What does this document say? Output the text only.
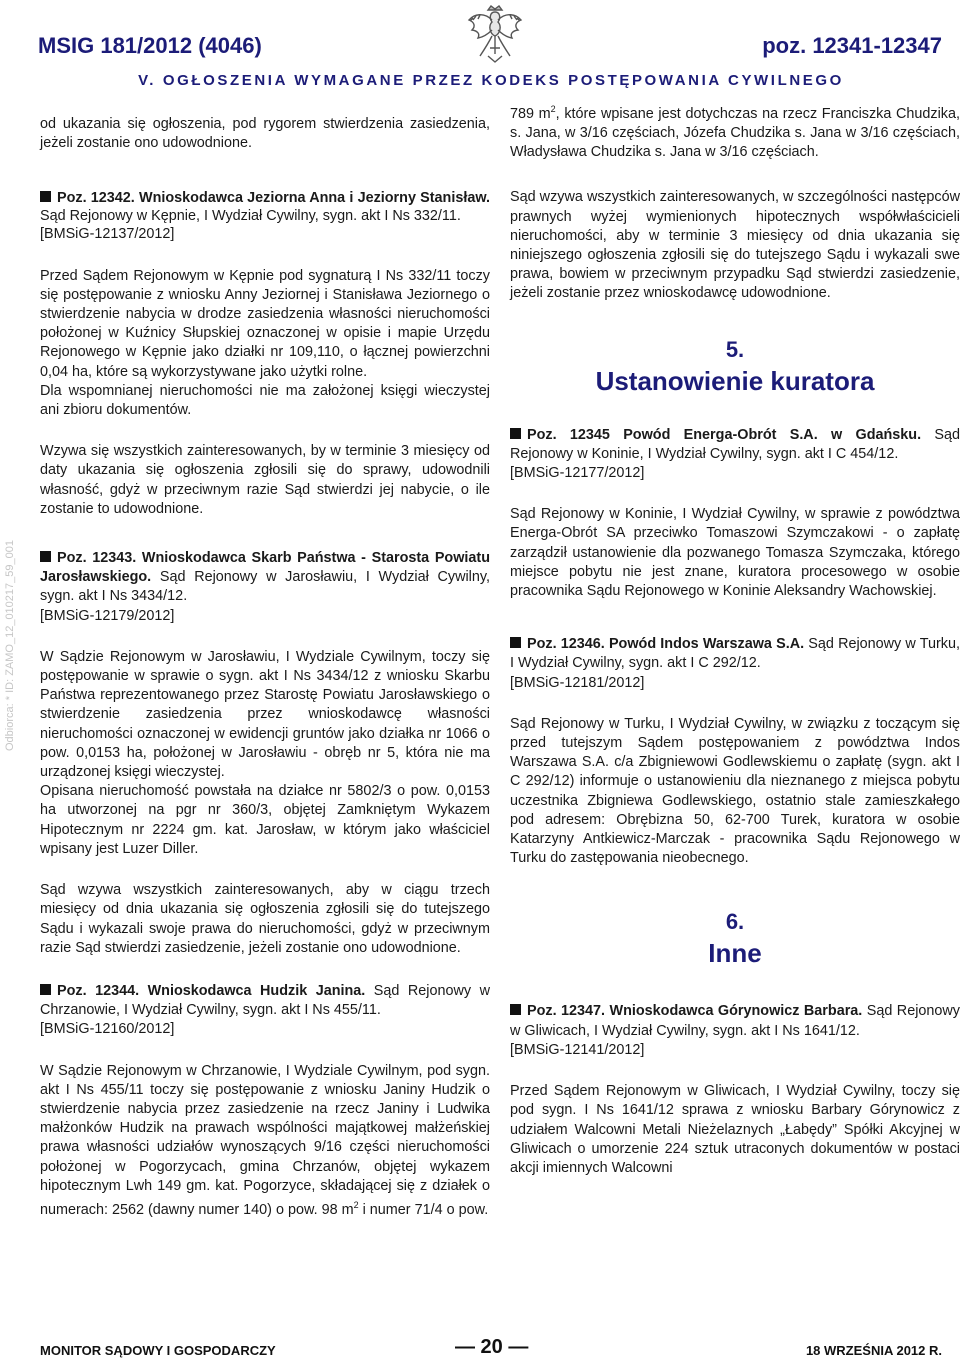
MSIG 181/2012 (4046)	poz. 12341-12347
V. OGŁOSZENIA WYMAGANE PRZEZ KODEKS POSTĘPOWANIA CYWILNEGO
Odbiorca: * ID: ZAMO_12_010217_59_001

od ukazania się ogłoszenia, pod rygorem stwierdzenia zasiedzenia, jeżeli zostanie ono udowodnione.

Poz. 12342. Wnioskodawca Jeziorna Anna i Jeziorny Stanisław. Sąd Rejonowy w Kępnie, I Wydział Cywilny, sygn. akt I Ns 332/11.

[BMSiG-12137/2012]

Przed Sądem Rejonowym w Kępnie pod sygnaturą I Ns 332/11 toczy się postępowanie z wniosku Anny Jeziornej i Stanisława Jeziornego o stwierdzenie nabycia w drodze zasiedzenia własności nieruchomości położonej w Kuźnicy Słupskiej oznaczonej w opisie i mapie Urzędu Rejonowego w Kępnie jako działki nr 109,110, o łącznej powierzchni 0,04 ha, które są wykorzystywane jako użytki rolne.

Dla wspomnianej nieruchomości nie ma założonej księgi wieczystej ani zbioru dokumentów.

Wzywa się wszystkich zainteresowanych, by w terminie 3 miesięcy od daty ukazania się ogłoszenia zgłosili się do sprawy, udowodnili własność, gdyż w przeciwnym razie Sąd stwierdzi jej nabycie, o ile zostanie to udowodnione.

Poz. 12343. Wnioskodawca Skarb Państwa - Starosta Powiatu Jarosławskiego. Sąd Rejonowy w Jarosławiu, I Wydział Cywilny, sygn. akt I Ns 3434/12.

[BMSiG-12179/2012]

W Sądzie Rejonowym w Jarosławiu, I Wydziale Cywilnym, toczy się postępowanie w sprawie o sygn. akt I Ns 3434/12 z wniosku Skarbu Państwa reprezentowanego przez Starostę Powiatu Jarosławskiego o stwierdzenie zasiedzenia przez wnioskodawcę własności nieruchomości oznaczonej w ewidencji gruntów jako działka nr 1066 o pow. 0,0153 ha, położonej w Jarosławiu - obręb nr 5, która nie ma urządzonej księgi wieczystej.

Opisana nieruchomość powstała na działce nr 5802/3 o pow. 0,0153 ha utworzonej na pgr nr 360/3, objętej Zamkniętym Wykazem Hipotecznym nr 2224 gm. kat. Jarosław, w którym jako właściciel wpisany jest Luzer Diller.

Sąd wzywa wszystkich zainteresowanych, aby w ciągu trzech miesięcy od dnia ukazania się ogłoszenia zgłosili się do tutejszego Sądu i wykazali swoje prawa do nieruchomości, gdyż w przeciwnym razie Sąd stwierdzi zasiedzenie, jeżeli zostanie ono udowodnione.

Poz. 12344. Wnioskodawca Hudzik Janina. Sąd Rejonowy w Chrzanowie, I Wydział Cywilny, sygn. akt I Ns 455/11.

[BMSiG-12160/2012]

W Sądzie Rejonowym w Chrzanowie, I Wydziale Cywilnym, pod sygn. akt I Ns 455/11 toczy się postępowanie z wniosku Janiny Hudzik o stwierdzenie nabycia przez zasiedzenie na rzecz Janiny i Ludwika małżonków Hudzik na prawach wspólności majątkowej małżeńskiej prawa własności udziałów wynoszących 9/16 części nieruchomości położonej w Pogorzycach, gmina Chrzanów, objętej wykazem hipotecznym Lwh 149 gm. kat. Pogorzyce, składającej się z działek o numerach: 2562 (dawny numer 140) o pow. 98 $m^2$ i numer 71/4 o pow.

789 $m^2$, które wpisane jest dotychczas na rzecz Franciszka Chudzika, s. Jana, w 3/16 częściach, Józefa Chudzika s. Jana w 3/16 częściach, Władysława Chudzika s. Jana w 3/16 częściach.

Sąd wzywa wszystkich zainteresowanych, w szczególności następców prawnych wyżej wymienionych hipotecznych współwłaścicieli nieruchomości, aby w terminie 3 miesięcy od dnia ukazania się niniejszego ogłoszenia zgłosili się do tutejszego Sądu i wykazali swe prawa, bowiem w przeciwnym przypadku Sąd stwierdzi zasiedzenie, jeżeli zostanie przez wnioskodawcę udowodnione.

5.
Ustanowienie kuratora

Poz. 12345 Powód Energa-Obrót S.A. w Gdańsku. Sąd Rejonowy w Koninie, I Wydział Cywilny, sygn. akt I C 454/12.

[BMSiG-12177/2012]

Sąd Rejonowy w Koninie, I Wydział Cywilny, w sprawie z powództwa Energa-Obrót SA przeciwko Tomaszowi Szymczakowi - o zapłatę zarządził ustanowienie dla pozwanego Tomasza Szymczaka, którego miejsce pobytu nie jest znane, kuratora procesowego w osobie pracownika Sądu Rejonowego w Koninie Aleksandry Wachowskiej.

Poz. 12346. Powód Indos Warszawa S.A. Sąd Rejonowy w Turku, I Wydział Cywilny, sygn. akt I C 292/12.

[BMSiG-12181/2012]

Sąd Rejonowy w Turku, I Wydział Cywilny, w związku z toczącym się przed tutejszym Sądem postępowaniem z powództwa Indos Warszawa S.A. c/a Zbigniewowi Godlewskiemu o zapłatę (sygn. akt I C 292/12) informuje o ustanowieniu dla nieznanego z miejsca pobytu uczestnika Zbigniewa Godlewskiego, ostatnio stale zamieszkałego pod adresem: Obrębizna 50, 62-700 Turek, kuratora w osobie Katarzyny Antkiewicz-Marczak - pracownika Sądu Rejonowego w Turku do zastępowania nieobecnego.

6.
Inne

Poz. 12347. Wnioskodawca Górynowicz Barbara. Sąd Rejonowy w Gliwicach, I Wydział Cywilny, sygn. akt I Ns 1641/12.

[BMSiG-12141/2012]

Przed Sądem Rejonowym w Gliwicach, I Wydział Cywilny, toczy się pod sygn. I Ns 1641/12 sprawa z wniosku Barbary Górynowicz z udziałem Walcowni Metali Nieżelaznych „Łabędy” Spółki Akcyjnej w Gliwicach o umorzenie 224 sztuk utraconych dokumentów w postaci akcji imiennych Walcowni

MONITOR SĄDOWY I GOSPODARCZY	— 20 —	18 WRZEŚNIA 2012 R.
